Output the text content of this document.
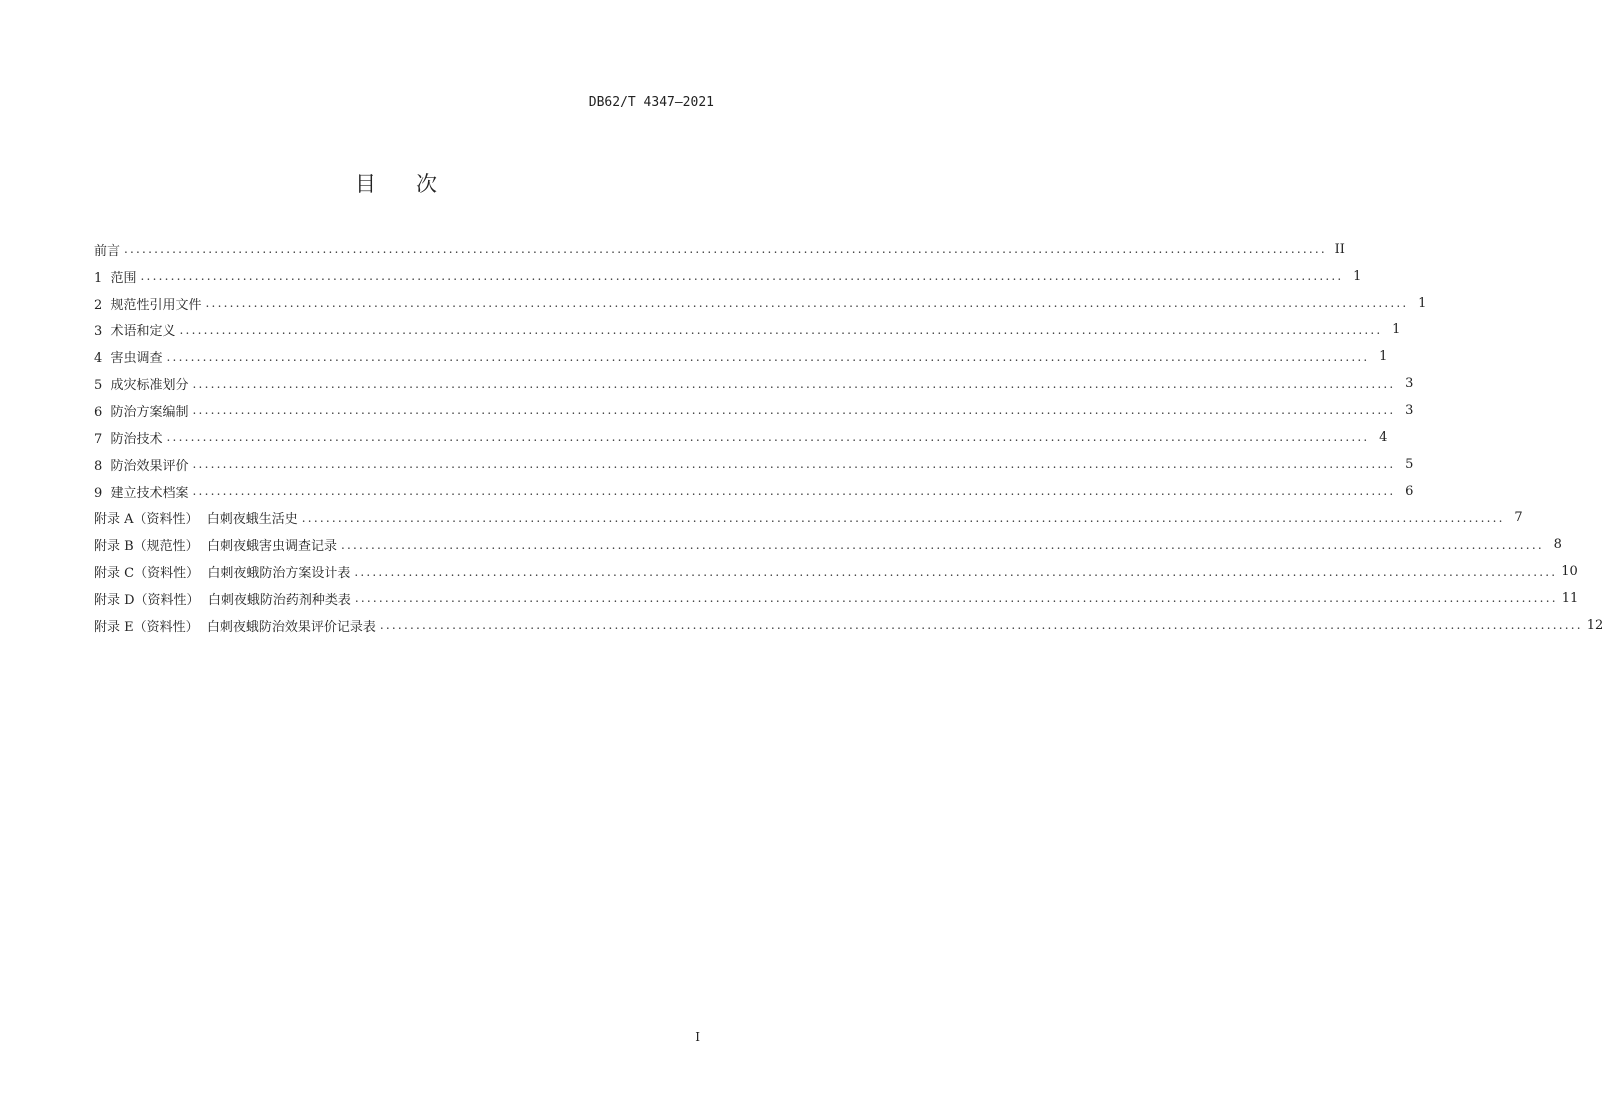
DB62/T 4347—2021
目 次
前言 ........................................................................................................................................................................................................ II
1  范围 ........................................................................................................................................................................................................ 1
2  规范性引用文件 ........................................................................................................................................................................................................ 1
3  术语和定义 ........................................................................................................................................................................................................ 1
4  害虫调查 ........................................................................................................................................................................................................ 1
5  成灾标准划分 ........................................................................................................................................................................................................ 3
6  防治方案编制 ........................................................................................................................................................................................................ 3
7  防治技术 ........................................................................................................................................................................................................ 4
8  防治效果评价 ........................................................................................................................................................................................................ 5
9  建立技术档案 ........................................................................................................................................................................................................ 6
附录 A（资料性）  白刺夜蛾生活史 ........................................................................................................................................................................................................ 7
附录 B（规范性）  白刺夜蛾害虫调查记录 ........................................................................................................................................................................................................ 8
附录 C（资料性）  白刺夜蛾防治方案设计表 ........................................................................................................................................................................................................ 10
附录 D（资料性）  白刺夜蛾防治药剂种类表 ........................................................................................................................................................................................................ 11
附录 E（资料性）  白刺夜蛾防治效果评价记录表 ........................................................................................................................................................................................................ 12
I
